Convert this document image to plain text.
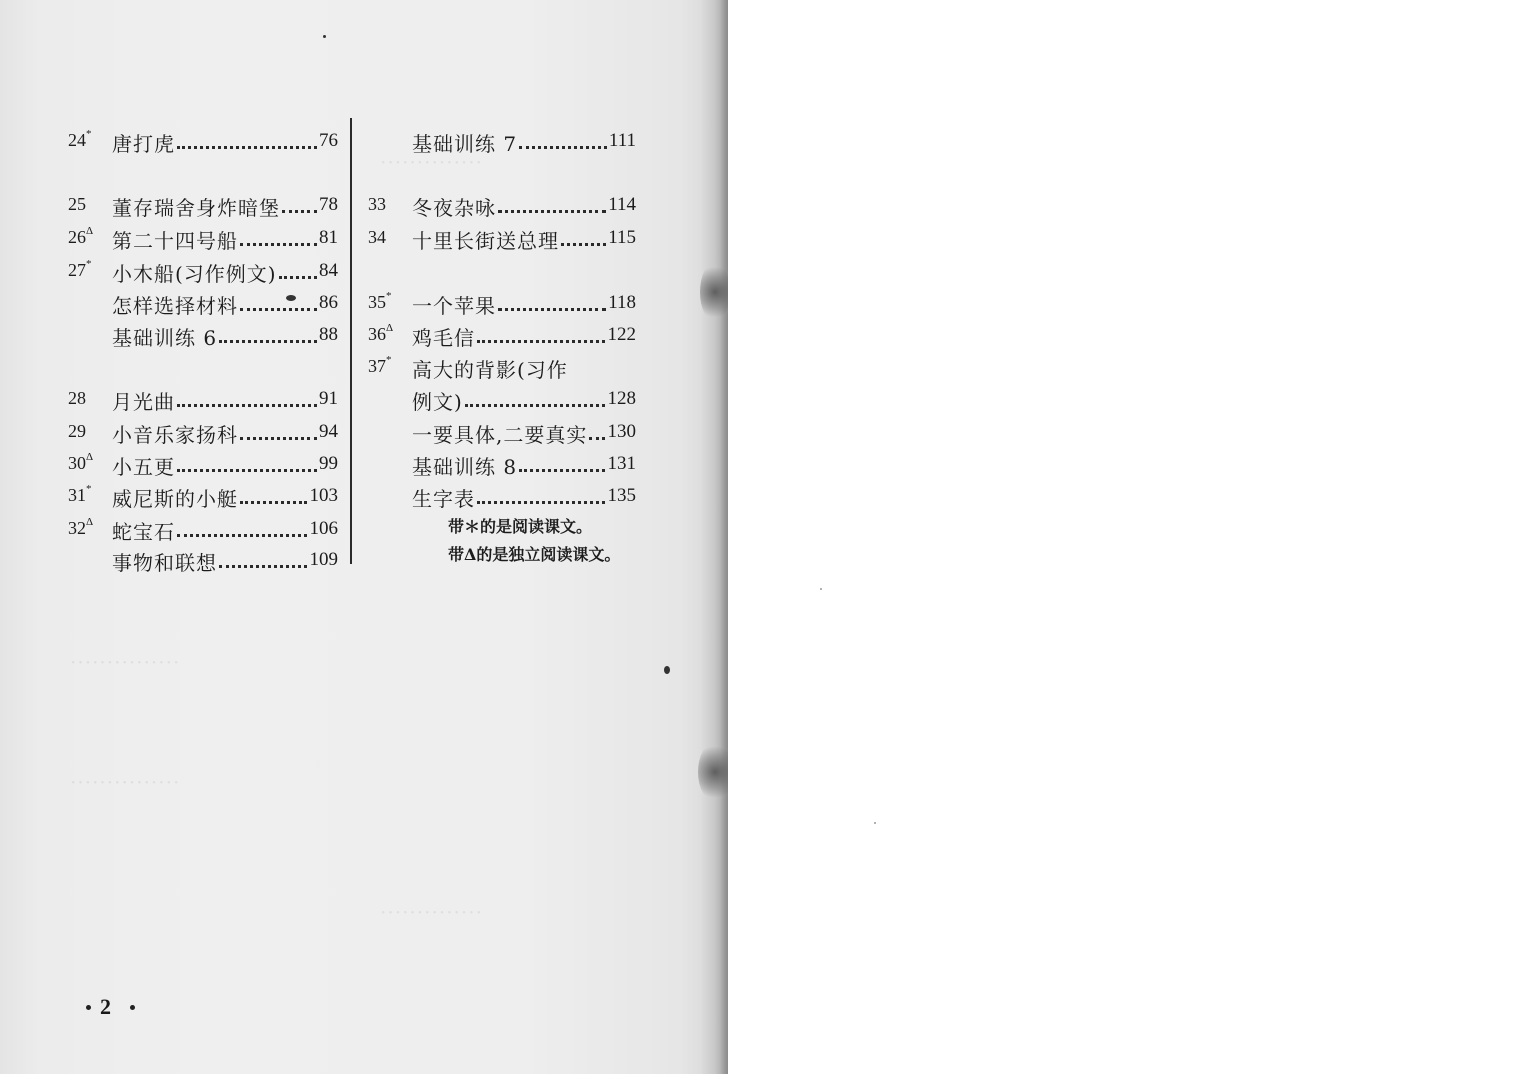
··············
···············
···············
··············
24* 唐打虎	76
25 董存瑞舍身炸暗堡 78
$26^\Delta$ 第二十四号船	81
27* 小木船(习作例文) 84
怎样选择材料	86
基础训练 6	88
28 月光曲	91
29 小音乐家扬科	94
$30^\Delta$ 小五更	99
31* 威尼斯的小艇	103
$32^\Delta$ 蛇宝石	106
事物和联想	109
基础训练 7	111
33 冬夜杂咏	114
34 十里长街送总理	115
35* 一个苹果	118
$36^\Delta$ 鸡毛信	122
37* 高大的背影(习作
例文)	128
一要具体,二要真实 130
基础训练 8	131
生字表	135
带＊的是阅读课文。
带Δ的是独立阅读课文。
2
